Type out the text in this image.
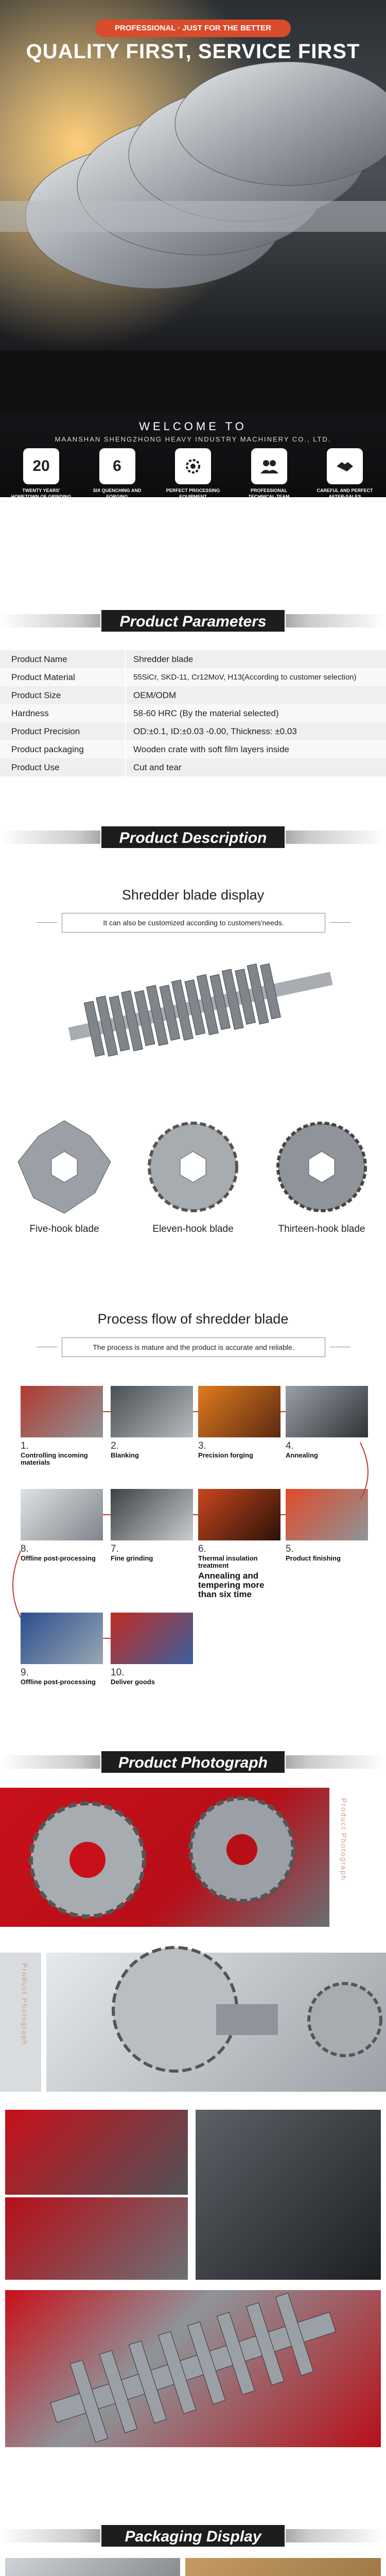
PROFESSIONAL · JUST FOR THE BETTER
QUALITY FIRST, SERVICE FIRST
WELCOME TO
MAANSHAN SHENGZHONG HEAVY INDUSTRY MACHINERY CO., LTD.
20
TWENTY YEARS' HOMETOWN OF GRINDING TOOLS
6
SIX QUENCHING AND FORGING
PERFECT PROCESSING EQUIPMENT
PROFESSIONAL TECHNICAL TEAM
CAREFUL AND PERFECT AFTER-SALES
Product Parameters
Product Name	Shredder blade
Product Material	55SiCr, SKD-11, Cr12MoV, H13(According to customer selection)
Product Size	OEM/ODM
Hardness	58-60 HRC (By the material selected)
Product Precision	OD:±0.1, ID:±0.03 -0.00, Thickness: ±0.03
Product packaging	Wooden crate with soft film layers inside
Product Use	Cut and tear
Product Description
Shredder blade display
It can also be customized according to customers'needs.
Five-hook blade	Eleven-hook blade	Thirteen-hook blade
Process flow of shredder blade
The process is mature and the product is accurate and reliable.
1.
Controlling incoming materials
2.
Blanking
3.
Precision forging
4.
Annealing
8.
Offline post-processing
7.
Fine grinding
6.
Thermal insulation treatment
Annealing and tempering more than six time
5.
Product finishing
9.
Offline post-processing
10.
Deliver goods
Product Photograph
Product Photograph
Product Photograph
Packaging Display
